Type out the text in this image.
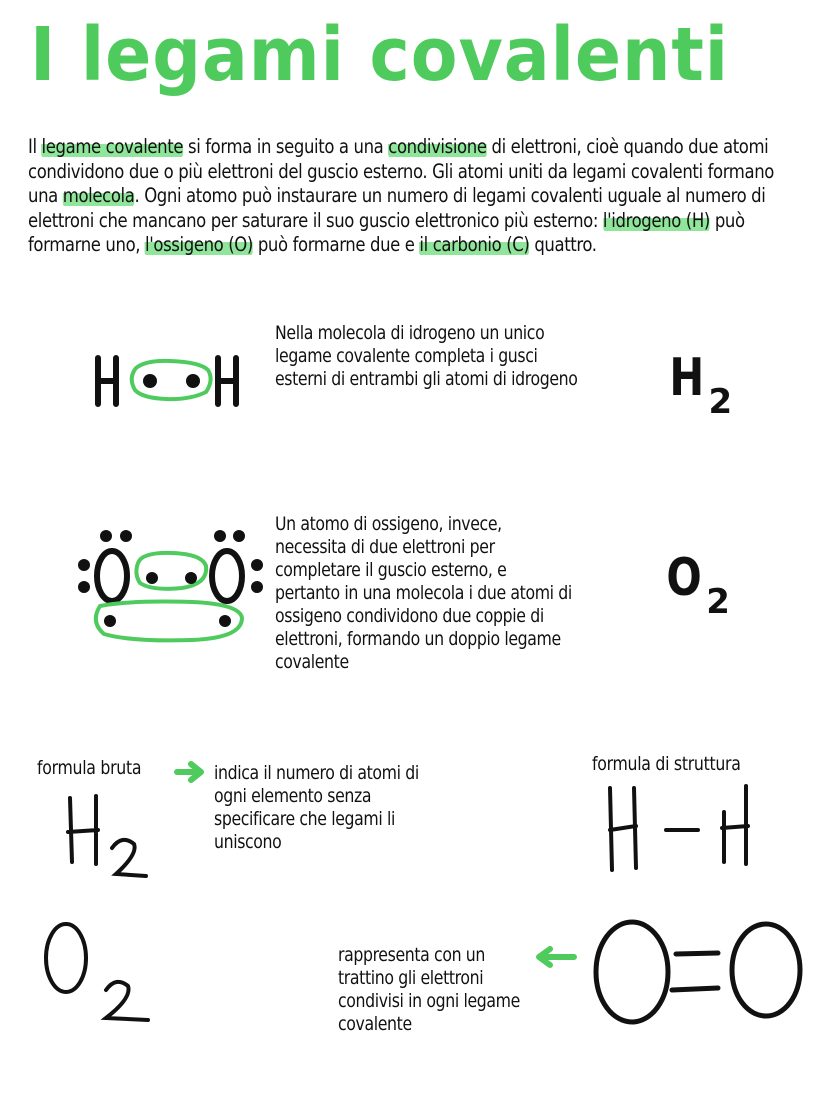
I legami covalenti
Il legame covalente si forma in seguito a una condivisione di elettroni, cioè quando due atomi condividono due o più elettroni del guscio esterno. Gli atomi uniti da legami covalenti formano una molecola. Ogni atomo può instaurare un numero di legami covalenti uguale al numero di elettroni che mancano per saturare il suo guscio elettronico più esterno: l'idrogeno (H) può formarne uno, l'ossigeno (O) può formarne due e il carbonio (C) quattro.
Nella molecola di idrogeno un unico legame covalente completa i gusci esterni di entrambi gli atomi di idrogeno H 2
Un atomo di ossigeno, invece, necessita di due elettroni per completare il guscio esterno, e pertanto in una molecola i due atomi di ossigeno condividono due coppie di elettroni, formando un doppio legame covalente
O 2
formula bruta	indica il numero di atomi di ogni elemento senza specificare che legami li uniscono
formula di struttura
rappresenta con un trattino gli elettroni condivisi in ogni legame covalente
